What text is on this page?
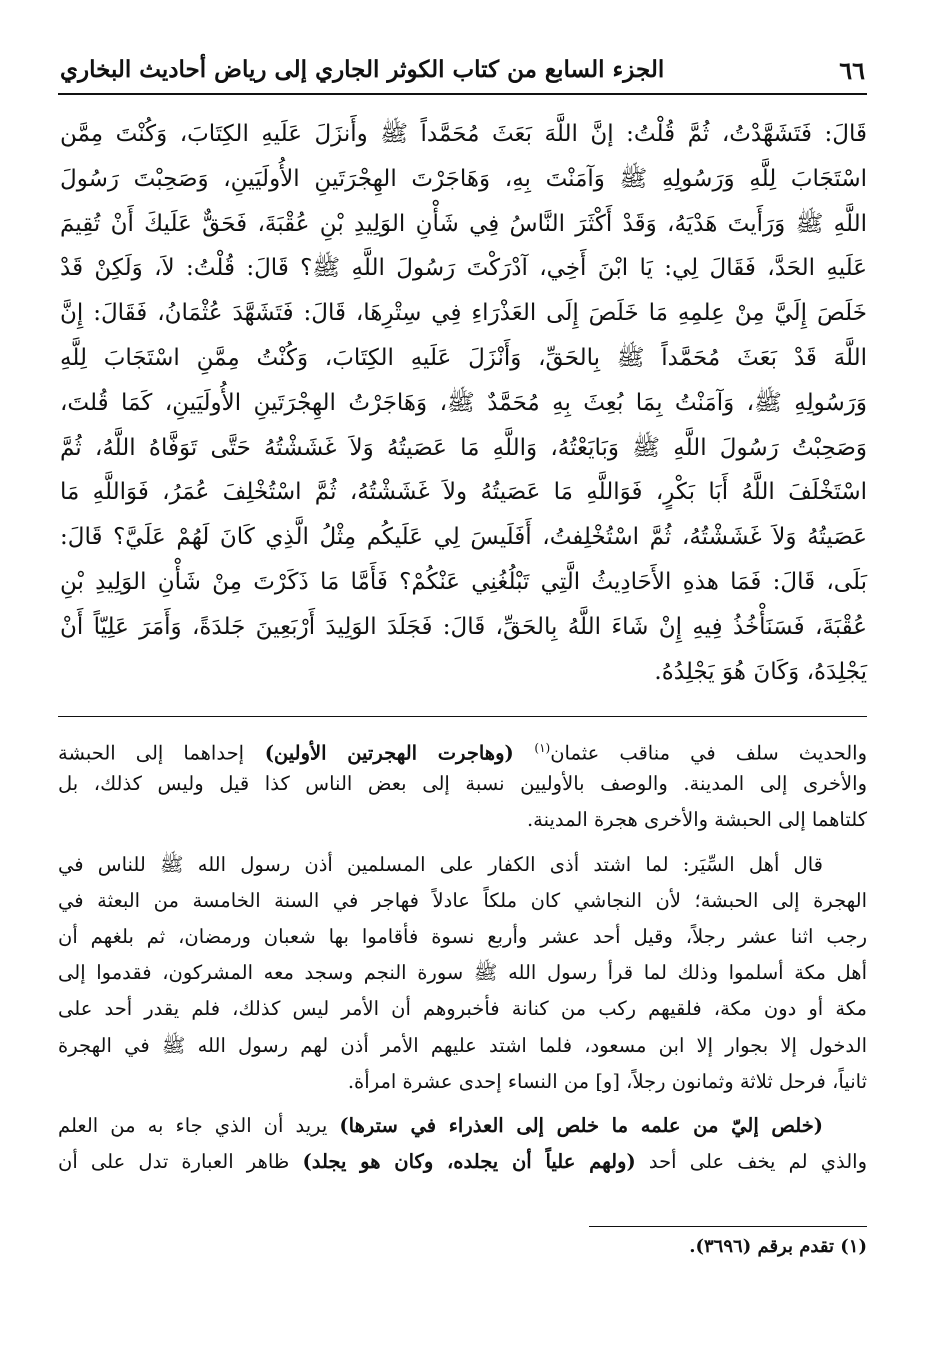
٦٦
الجزء السابع من كتاب الكوثر الجاري إلى رياض أحاديث البخاري
قَالَ: فَتَشَهَّدْتُ، ثُمَّ قُلْتُ: إنَّ اللَّهَ بَعَثَ مُحَمَّداً ﷺ وأَنزَلَ عَلَيهِ الكِتَابَ، وَكُنْتَ مِمَّن
اسْتَجَابَ لِلَّهِ وَرَسُولِهِ ﷺ وَآمَنْتَ بِهِ، وَهَاجَرْتَ الهِجْرَتَينِ الأُولَيَينِ، وَصَحِبْتَ رَسُولَ
اللَّهِ ﷺ وَرَأَيتَ هَدْيَهُ، وَقَدْ أَكْثَرَ النَّاسُ فِي شَأْنِ الوَلِيدِ بْنِ عُقْبَةَ، فَحَقٌّ عَلَيكَ أَنْ تُقِيمَ
عَلَيهِ الحَدَّ، فَقَالَ لِي: يَا ابْنَ أَخِي، آدْرَكْتَ رَسُولَ اللَّهِ ﷺ؟ قَالَ: قُلْتُ: لاَ، وَلَكِنْ قَدْ
خَلَصَ إِلَيَّ مِنْ عِلمِهِ مَا خَلَصَ إِلَى العَذْرَاءِ فِي سِتْرِهَا، قَالَ: فَتَشَهَّدَ عُثْمَانُ، فَقَالَ: إِنَّ
اللَّهَ قَدْ بَعَثَ مُحَمَّداً ﷺ بِالحَقِّ، وَأَنْزَلَ عَلَيهِ الكِتَابَ، وَكُنْتُ مِمَّنِ اسْتَجَابَ لِلَّهِ
وَرَسُولِهِ ﷺ، وَآمَنْتُ بِمَا بُعِثَ بِهِ مُحَمَّدٌ ﷺ، وَهَاجَرْتُ الهِجْرَتَينِ الأُولَيَينِ، كَمَا قُلتَ،
وَصَحِبْتُ رَسُولَ اللَّهِ ﷺ وَبَايَعْتُهُ، وَاللَّهِ مَا عَصَيتُهُ وَلاَ غَشَشْتُهُ حَتَّى تَوَفَّاهُ اللَّهُ، ثُمَّ
اسْتَخْلَفَ اللَّهُ أَبَا بَكْرٍ، فَوَاللَّهِ مَا عَصَيتُهُ ولاَ غَشَشْتُهُ، ثُمَّ اسْتُخْلِفَ عُمَرُ، فَوَاللَّهِ مَا
عَصَيتُهُ وَلاَ غَشَشْتُهُ، ثُمَّ اسْتُخْلِفتُ، أَفَلَيسَ لِي عَلَيكُم مِثْلُ الَّذِي كَانَ لَهُمْ عَلَيَّ؟ قَالَ:
بَلَى، قَالَ: فَمَا هذهِ الأَحَادِيثُ الَّتِي تَبْلُغُنِي عَنْكُمْ؟ فَأَمَّا مَا ذَكَرْتَ مِنْ شَأْنِ الوَلِيدِ بْنِ
عُقْبَةَ، فَسَنَأْخُذُ فِيهِ إِنْ شَاءَ اللَّهُ بِالحَقِّ، قَالَ: فَجَلَدَ الوَلِيدَ أَرْبَعِينَ جَلدَةً، وَأَمَرَ عَلِيّاً أَنْ
يَجْلِدَهُ، وَكَانَ هُوَ يَجْلِدُهُ.
والحديث سلف في مناقب عثمان$^{(١)}$ (وهاجرت الهجرتين الأولين) إحداهما إلى الحبشة
والأخرى إلى المدينة. والوصف بالأوليين نسبة إلى بعض الناس كذا قيل وليس كذلك، بل
كلتاهما إلى الحبشة والأخرى هجرة المدينة.
قال أهل السِّيَر: لما اشتد أذى الكفار على المسلمين أذن رسول الله ﷺ للناس في
الهجرة إلى الحبشة؛ لأن النجاشي كان ملكاً عادلاً فهاجر في السنة الخامسة من البعثة في
رجب اثنا عشر رجلاً، وقيل أحد عشر وأربع نسوة فأقاموا بها شعبان ورمضان، ثم بلغهم أن
أهل مكة أسلموا وذلك لما قرأ رسول الله ﷺ سورة النجم وسجد معه المشركون، فقدموا إلى
مكة أو دون مكة، فلقيهم ركب من كنانة فأخبروهم أن الأمر ليس كذلك، فلم يقدر أحد على
الدخول إلا بجوار إلا ابن مسعود، فلما اشتد عليهم الأمر أذن لهم رسول الله ﷺ في الهجرة
ثانياً، فرحل ثلاثة وثمانون رجلاً، [و] من النساء إحدى عشرة امرأة.
(خلص إليّ من علمه ما خلص إلى العذراء في سترها) يريد أن الذي جاء به من العلم
والذي لم يخف على أحد (ولهم علياً أن يجلده، وكان هو يجلد) ظاهر العبارة تدل على أن
(١) تقدم برقم (٣٦٩٦).
